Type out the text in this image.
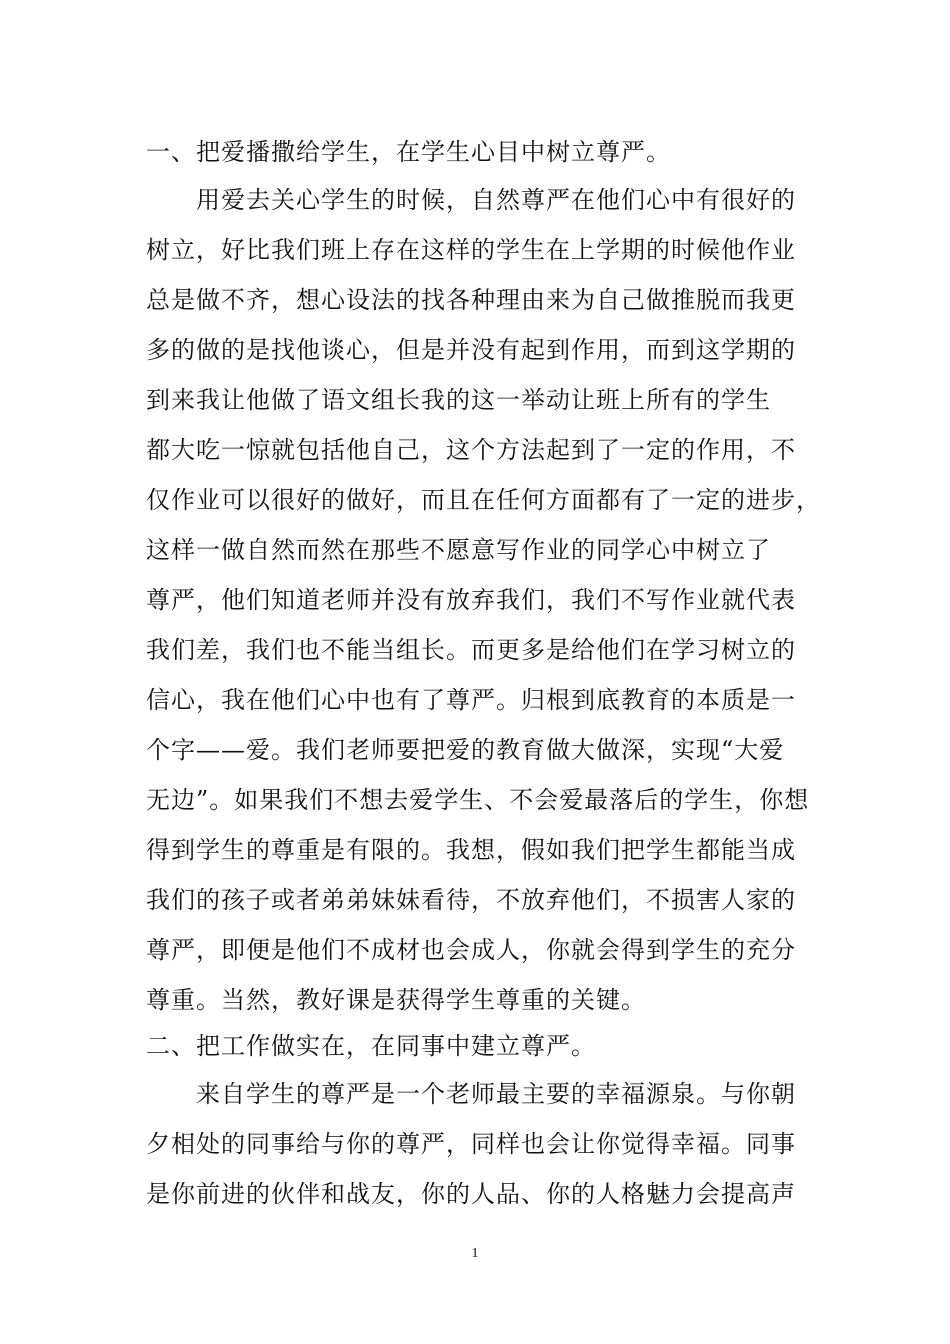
一、把爱播撒给学生，在学生心目中树立尊严。
　　用爱去关心学生的时候，自然尊严在他们心中有很好的
树立，好比我们班上存在这样的学生在上学期的时候他作业
总是做不齐，想心设法的找各种理由来为自己做推脱而我更
多的做的是找他谈心，但是并没有起到作用，而到这学期的
到来我让他做了语文组长我的这一举动让班上所有的学生
都大吃一惊就包括他自己，这个方法起到了一定的作用，不
仅作业可以很好的做好，而且在任何方面都有了一定的进步，
这样一做自然而然在那些不愿意写作业的同学心中树立了
尊严，他们知道老师并没有放弃我们，我们不写作业就代表
我们差，我们也不能当组长。而更多是给他们在学习树立的
信心，我在他们心中也有了尊严。归根到底教育的本质是一
个字——爱。我们老师要把爱的教育做大做深，实现“大爱
无边”。如果我们不想去爱学生、不会爱最落后的学生，你想
得到学生的尊重是有限的。我想，假如我们把学生都能当成
我们的孩子或者弟弟妹妹看待，不放弃他们，不损害人家的
尊严，即便是他们不成材也会成人，你就会得到学生的充分
尊重。当然，教好课是获得学生尊重的关键。
二、把工作做实在，在同事中建立尊严。
　　来自学生的尊严是一个老师最主要的幸福源泉。与你朝
夕相处的同事给与你的尊严，同样也会让你觉得幸福。同事
是你前进的伙伴和战友，你的人品、你的人格魅力会提高声
1
